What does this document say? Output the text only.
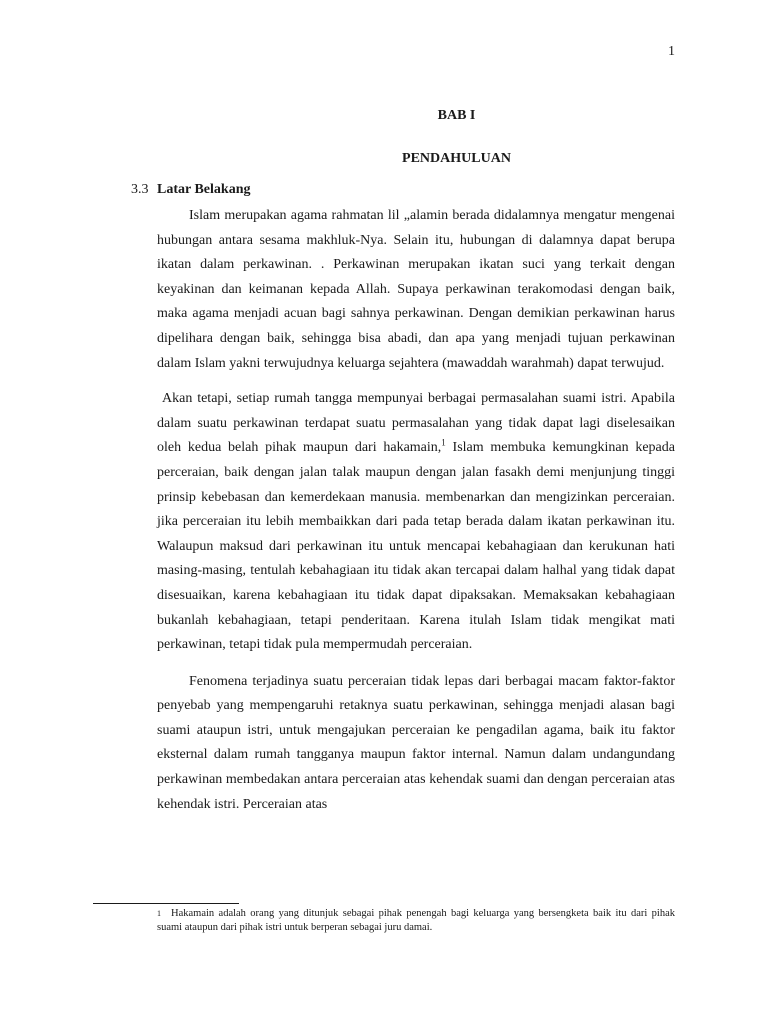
1
BAB I
PENDAHULUAN
3.3 Latar Belakang

Islam merupakan agama rahmatan lil „alamin berada didalamnya mengatur mengenai hubungan antara sesama makhluk-Nya. Selain itu, hubungan di dalamnya dapat berupa ikatan dalam perkawinan. . Perkawinan merupakan ikatan suci yang terkait dengan keyakinan dan keimanan kepada Allah. Supaya perkawinan terakomodasi dengan baik, maka agama menjadi acuan bagi sahnya perkawinan. Dengan demikian perkawinan harus dipelihara dengan baik, sehingga bisa abadi, dan apa yang menjadi tujuan perkawinan dalam Islam yakni terwujudnya keluarga sejahtera (mawaddah warahmah) dapat terwujud.

Akan tetapi, setiap rumah tangga mempunyai berbagai permasalahan suami istri. Apabila dalam suatu perkawinan terdapat suatu permasalahan yang tidak dapat lagi diselesaikan oleh kedua belah pihak maupun dari hakamain,$^1$ Islam membuka kemungkinan kepada perceraian, baik dengan jalan talak maupun dengan jalan fasakh demi menjunjung tinggi prinsip kebebasan dan kemerdekaan manusia. membenarkan dan mengizinkan perceraian. jika perceraian itu lebih membaikkan dari pada tetap berada dalam ikatan perkawinan itu. Walaupun maksud dari perkawinan itu untuk mencapai kebahagiaan dan kerukunan hati masing-masing, tentulah kebahagiaan itu tidak akan tercapai dalam halhal yang tidak dapat disesuaikan, karena kebahagiaan itu tidak dapat dipaksakan. Memaksakan kebahagiaan bukanlah kebahagiaan, tetapi penderitaan. Karena itulah Islam tidak mengikat mati perkawinan, tetapi tidak pula mempermudah perceraian.

Fenomena terjadinya suatu perceraian tidak lepas dari berbagai macam faktor-faktor penyebab yang mempengaruhi retaknya suatu perkawinan, sehingga menjadi alasan bagi suami ataupun istri, untuk mengajukan perceraian ke pengadilan agama, baik itu faktor eksternal dalam rumah tangganya maupun faktor internal. Namun dalam undangundang perkawinan membedakan antara perceraian atas kehendak suami dan dengan perceraian atas kehendak istri. Perceraian atas

1 Hakamain adalah orang yang ditunjuk sebagai pihak penengah bagi keluarga yang bersengketa baik itu dari pihak suami ataupun dari pihak istri untuk berperan sebagai juru damai.
